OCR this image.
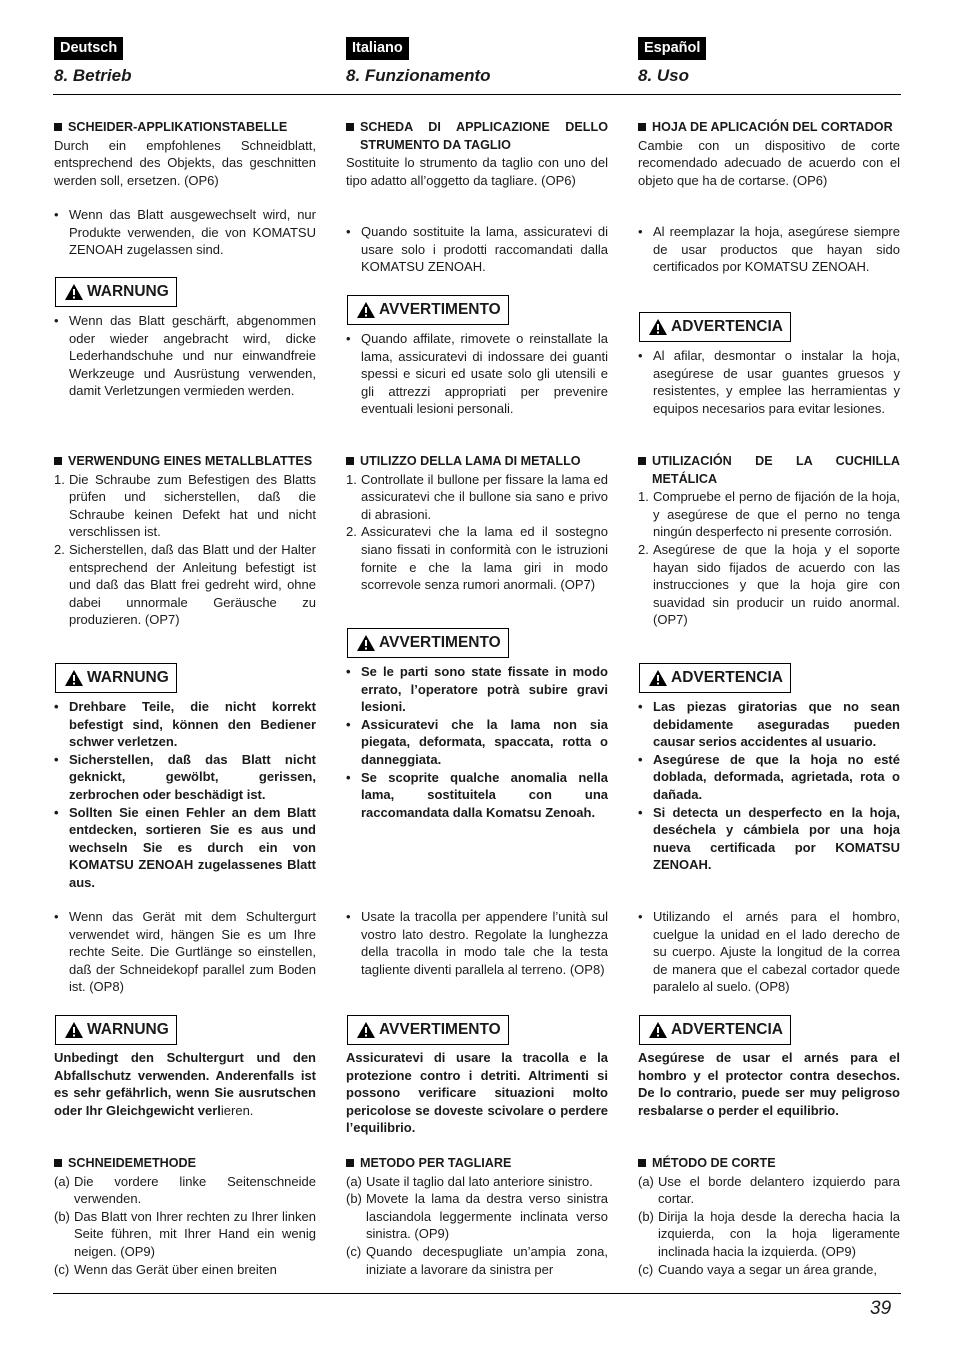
Deutsch
8. Betrieb
SCHEIDER-APPLIKATIONSTABELLE

Durch ein empfohlenes Schneidblatt, entsprechend des Objekts, das geschnitten werden soll, ersetzen. (OP6)

• Wenn das Blatt ausgewechselt wird, nur Produkte verwenden, die von KOMATSU ZENOAH zugelassen sind.
WARNUNG
• Wenn das Blatt geschärft, abgenommen oder wieder angebracht wird, dicke Lederhandschuhe und nur einwandfreie Werkzeuge und Ausrüstung verwenden, damit Verletzungen vermieden werden.
VERWENDUNG EINES METALLBLATTES
1. Die Schraube zum Befestigen des Blatts prüfen und sicherstellen, daß die Schraube keinen Defekt hat und nicht verschlissen ist.
2. Sicherstellen, daß das Blatt und der Halter entsprechend der Anleitung befestigt ist und daß das Blatt frei gedreht wird, ohne dabei unnormale Geräusche zu produzieren. (OP7)
WARNUNG
• Drehbare Teile, die nicht korrekt befestigt sind, können den Bediener schwer verletzen.
• Sicherstellen, daß das Blatt nicht geknickt, gewölbt, gerissen, zerbrochen oder beschädigt ist.
• Sollten Sie einen Fehler an dem Blatt entdecken, sortieren Sie es aus und wechseln Sie es durch ein von KOMATSU ZENOAH zugelassenes Blatt aus.
• Wenn das Gerät mit dem Schultergurt verwendet wird, hängen Sie es um Ihre rechte Seite. Die Gurtlänge so einstellen, daß der Schneidekopf parallel zum Boden ist. (OP8)
WARNUNG

Unbedingt den Schultergurt und den Abfallschutz verwenden. Anderenfalls ist es sehr gefährlich, wenn Sie ausrutschen oder Ihr Gleichgewicht verlieren.

SCHNEIDEMETHODE
(a) Die vordere linke Seitenschneide verwenden.
(b) Das Blatt von Ihrer rechten zu Ihrer linken Seite führen, mit Ihrer Hand ein wenig neigen. (OP9)
(c) Wenn das Gerät über einen breiten
Italiano
8. Funzionamento
SCHEDA DI APPLICAZIONE DELLO STRUMENTO DA TAGLIO

Sostituite lo strumento da taglio con uno del tipo adatto all’oggetto da tagliare. (OP6)

• Quando sostituite la lama, assicuratevi di usare solo i prodotti raccomandati dalla KOMATSU ZENOAH.
AVVERTIMENTO
• Quando affilate, rimovete o reinstallate la lama, assicuratevi di indossare dei guanti spessi e sicuri ed usate solo gli utensili e gli attrezzi appropriati per prevenire eventuali lesioni personali.
UTILIZZO DELLA LAMA DI METALLO
1. Controllate il bullone per fissare la lama ed assicuratevi che il bullone sia sano e privo di abrasioni.
2. Assicuratevi che la lama ed il sostegno siano fissati in conformità con le istruzioni fornite e che la lama giri in modo scorrevole senza rumori anormali. (OP7)
AVVERTIMENTO
• Se le parti sono state fissate in modo errato, l’operatore potrà subire gravi lesioni.
• Assicuratevi che la lama non sia piegata, deformata, spaccata, rotta o danneggiata.
• Se scoprite qualche anomalia nella lama, sostituitela con una raccomandata dalla Komatsu Zenoah.
• Usate la tracolla per appendere l’unità sul vostro lato destro. Regolate la lunghezza della tracolla in modo tale che la testa tagliente diventi parallela al terreno. (OP8)
AVVERTIMENTO

Assicuratevi di usare la tracolla e la protezione contro i detriti. Altrimenti si possono verificare situazioni molto pericolose se doveste scivolare o perdere l’equilibrio.

METODO PER TAGLIARE
(a) Usate il taglio dal lato anteriore sinistro.
(b) Movete la lama da destra verso sinistra lasciandola leggermente inclinata verso sinistra. (OP9)
(c) Quando decespugliate un’ampia zona, iniziate a lavorare da sinistra per
Español
8. Uso
HOJA DE APLICACIÓN DEL CORTADOR

Cambie con un dispositivo de corte recomendado adecuado de acuerdo con el objeto que ha de cortarse. (OP6)

• Al reemplazar la hoja, asegúrese siempre de usar productos que hayan sido certificados por KOMATSU ZENOAH.
ADVERTENCIA
• Al afilar, desmontar o instalar la hoja, asegúrese de usar guantes gruesos y resistentes, y emplee las herramientas y equipos necesarios para evitar lesiones.
UTILIZACIÓN DE LA CUCHILLA METÁLICA
1. Compruebe el perno de fijación de la hoja, y asegúrese de que el perno no tenga ningún desperfecto ni presente corrosión.
2. Asegúrese de que la hoja y el soporte hayan sido fijados de acuerdo con las instrucciones y que la hoja gire con suavidad sin producir un ruido anormal. (OP7)
ADVERTENCIA
• Las piezas giratorias que no sean debidamente aseguradas pueden causar serios accidentes al usuario.
• Asegúrese de que la hoja no esté doblada, deformada, agrietada, rota o dañada.
• Si detecta un desperfecto en la hoja, deséchela y cámbiela por una hoja nueva certificada por KOMATSU ZENOAH.
• Utilizando el arnés para el hombro, cuelgue la unidad en el lado derecho de su cuerpo. Ajuste la longitud de la correa de manera que el cabezal cortador quede paralelo al suelo. (OP8)
ADVERTENCIA

Asegúrese de usar el arnés para el hombro y el protector contra desechos. De lo contrario, puede ser muy peligroso resbalarse o perder el equilibrio.

MÉTODO DE CORTE
(a) Use el borde delantero izquierdo para cortar.
(b) Dirija la hoja desde la derecha hacia la izquierda, con la hoja ligeramente inclinada hacia la izquierda. (OP9)
(c) Cuando vaya a segar un área grande,
39
